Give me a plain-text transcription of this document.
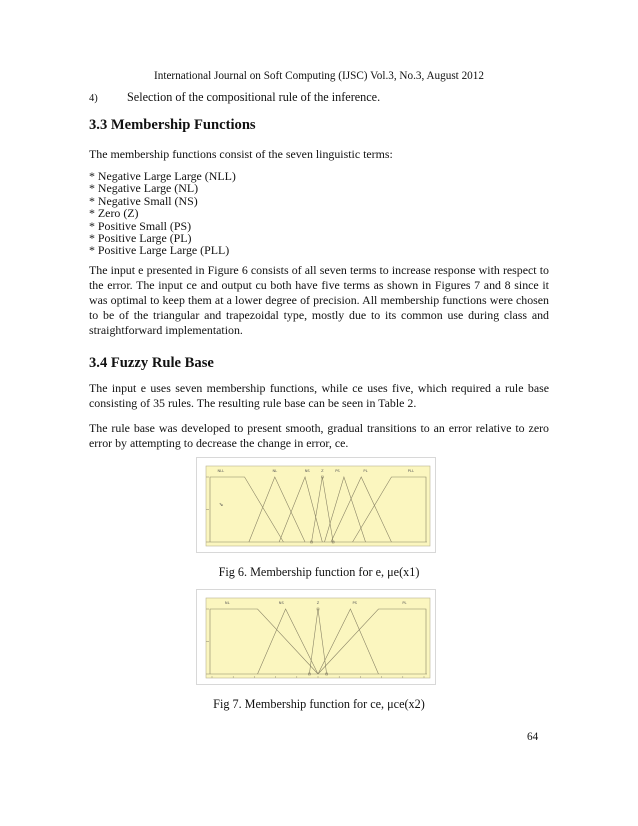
International Journal on Soft Computing (IJSC) Vol.3, No.3, August 2012
4) Selection of the compositional rule of the inference.
3.3 Membership Functions

The membership functions consist of the seven linguistic terms:

* Negative Large Large (NLL)
* Negative Large (NL)
* Negative Small (NS)
* Zero (Z)
* Positive Small (PS)
* Positive Large (PL)
* Positive Large Large (PLL)
The input e presented in Figure 6 consists of all seven terms to increase response with respect to
the error. The input ce and output cu both have five terms as shown in Figures 7 and 8 since it
was optimal to keep them at a lower degree of precision. All membership functions were chosen
to be of the triangular and trapezoidal type, mostly due to its common use during class and
straightforward implementation.
3.4 Fuzzy Rule Base
The input e uses seven membership functions, while ce uses five, which required a rule base
consisting of 35 rules. The resulting rule base can be seen in Table 2.
The rule base was developed to present smooth, gradual transitions to an error relative to zero
error by attempting to decrease the change in error, ce.
NLL	NL	NS	Z	PS	PL	PLL
⇘
Fig 6. Membership function for e, μe(x1)
NL	NS	Z	PS	PL
Fig 7. Membership function for ce, μce(x2)
64
